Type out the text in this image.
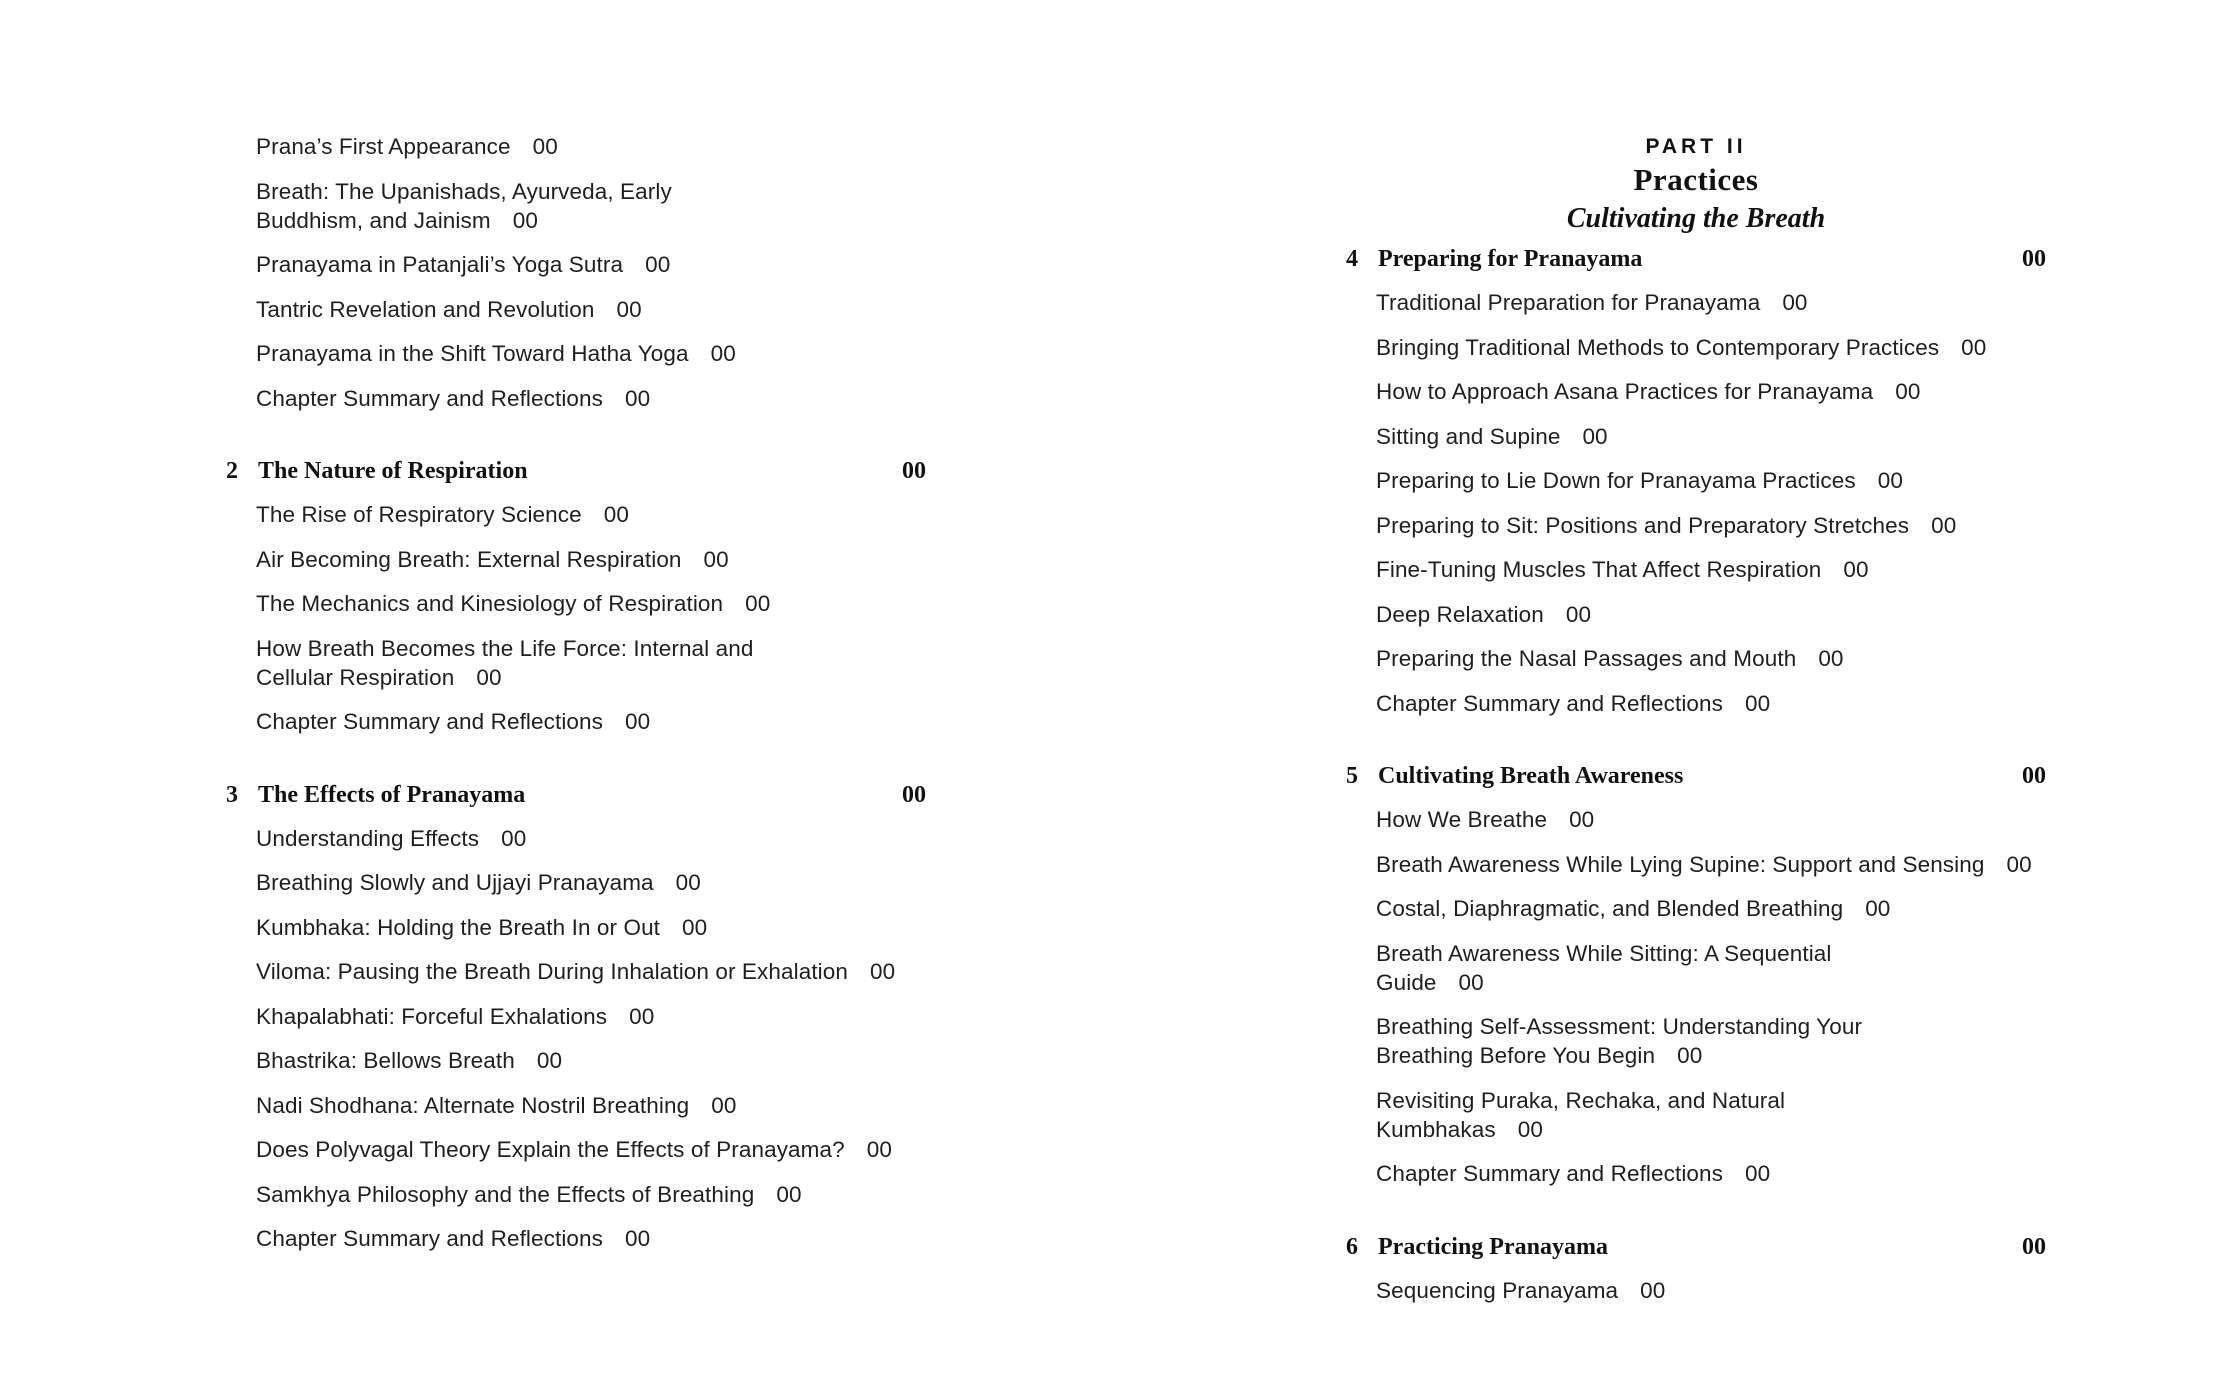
Prana’s First Appearance 00
Breath: The Upanishads, Ayurveda, Early Buddhism, and Jainism 00
Pranayama in Patanjali’s Yoga Sutra 00
Tantric Revelation and Revolution 00
Pranayama in the Shift Toward Hatha Yoga 00
Chapter Summary and Reflections 00
2 The Nature of Respiration	00
The Rise of Respiratory Science 00
Air Becoming Breath: External Respiration 00
The Mechanics and Kinesiology of Respiration 00
How Breath Becomes the Life Force: Internal and Cellular Respiration 00
Chapter Summary and Reflections 00
3 The Effects of Pranayama	00
Understanding Effects 00
Breathing Slowly and Ujjayi Pranayama 00
Kumbhaka: Holding the Breath In or Out 00
Viloma: Pausing the Breath During Inhalation or Exhalation 00
Khapalabhati: Forceful Exhalations 00
Bhastrika: Bellows Breath 00
Nadi Shodhana: Alternate Nostril Breathing 00
Does Polyvagal Theory Explain the Effects of Pranayama? 00
Samkhya Philosophy and the Effects of Breathing 00
Chapter Summary and Reflections 00
PART II
Practices
Cultivating the Breath
4 Preparing for Pranayama	00
Traditional Preparation for Pranayama 00
Bringing Traditional Methods to Contemporary Practices 00
How to Approach Asana Practices for Pranayama 00
Sitting and Supine 00
Preparing to Lie Down for Pranayama Practices 00
Preparing to Sit: Positions and Preparatory Stretches 00
Fine-Tuning Muscles That Affect Respiration 00
Deep Relaxation 00
Preparing the Nasal Passages and Mouth 00
Chapter Summary and Reflections 00
5 Cultivating Breath Awareness	00
How We Breathe 00
Breath Awareness While Lying Supine: Support and Sensing 00
Costal, Diaphragmatic, and Blended Breathing 00
Breath Awareness While Sitting: A Sequential Guide 00
Breathing Self-Assessment: Understanding Your Breathing Before You Begin 00
Revisiting Puraka, Rechaka, and Natural Kumbhakas 00
Chapter Summary and Reflections 00
6 Practicing Pranayama	00
Sequencing Pranayama 00
